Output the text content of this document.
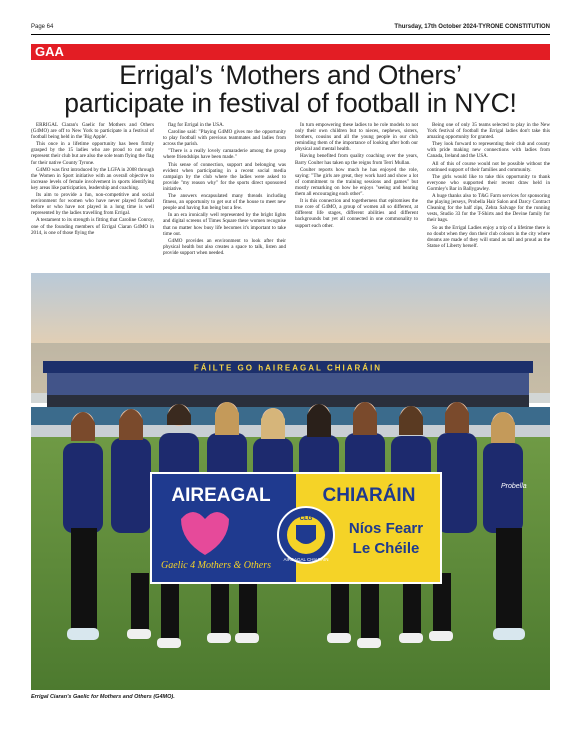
Page 64	Thursday, 17th October 2024-TYRONE CONSTITUTION
GAA
Errigal’s ‘Mothers and Others’
participate in festival of football in NYC!

ERRIGAL Ciaran's Gaelic for Mothers and Others (G4MO) are off to New York to participate in a festival of football being held in the 'Big Apple'.

This once in a lifetime opportunity has been firmly grasped by the 15 ladies who are proud to not only represent their club but are also the sole team flying the flag for their native County Tyrone.

G4MO was first introduced by the LGFA in 2008 through the Women in Sport initiative with an overall objective to increase levels of female involvement in sports identifying key areas like participation, leadership and coaching.

Its aim to provide a fun, non-competitive and social environment for women who have never played football before or who have not played in a long time is well represented by the ladies travelling from Errigal.

A testament to its strength is fitting that Caroline Conroy, one of the founding members of Errigal Ciaran G4MO in 2014, is one of those flying the

flag for Errigal in the USA.

Caroline said: "Playing G4MO gives me the opportunity to play football with previous teammates and ladies from across the parish.

"There is a really lovely camaraderie among the group where friendships have been made."

This sense of connection, support and belonging was evident when participating in a recent social media campaign by the club where the ladies were asked to provide "my reason why" for the sports direct sponsored initiative.

The answers encapsulated many threads including fitness, an opportunity to get out of the house to meet new people and having fun being but a few.

In an era ironically well represented by the bright lights and digital screens of Times Square these women recognise that no matter how busy life becomes it's important to take time out.

G4MO provides an environment to look after their physical health but also creates a space to talk, listen and provide support when needed.

In turn empowering these ladies to be role models to not only their own children but to nieces, nephews, sisters, brothers, cousins and all the young people in our club reminding them of the importance of looking after both our physical and mental health.

Having benefited from quality coaching over the years, Barry Coulter has taken up the reigns from Terri Mullan.

Coulter reports how much he has enjoyed the role, saying: "The girls are great, they work hard and show a lot of commitment to the training sessions and games" but mostly remarking on how he enjoys "seeing and hearing them all encouraging each other".

It is this connection and togetherness that epitomises the true core of G4MO, a group of women all so different, at different life stages, different abilities and different backgrounds but yet all connected in one commonality to support each other.

Being one of only 35 teams selected to play in the New York festival of football the Errigal ladies don't take this amazing opportunity for granted.

They look forward to representing their club and county with pride making new connections with ladies from Canada, Ireland and the USA.

All of this of course would not be possible without the continued support of their families and community.

The girls would like to take this opportunity to thank everyone who supported their recent draw held in Gormley's Bar in Ballygawley.

A huge thanks also to T&G Farm services for sponsoring the playing jerseys, Probella Hair Salon and Darcy Contract Cleaning for the half zips, Zehra Salvage for the running vests, Studio 33 for the T-Shirts and the Devine family for their bags.

So as the Errigal Ladies enjoy a trip of a lifetime there is no doubt when they don their club colours in the city where dreams are made of they will stand as tall and proud as the Statue of Liberty herself.

FÁILTE GO hAIREAGAL CHIARÁIN
Probella
AIREAGAL	CHIARÁIN
Gaelic 4 Mothers & Others
CLG
AIREAGAL CHIARÁIN
Níos Fearr
Le Chéile
Errigal Ciaran's Gaelic for Mothers and Others (G4MO).
